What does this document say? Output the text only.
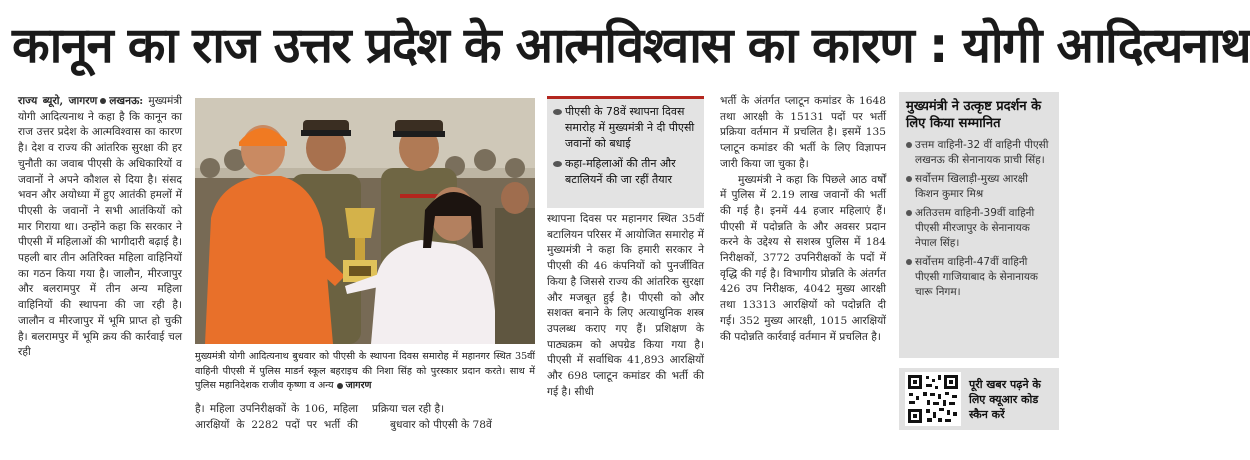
कानून का राज उत्तर प्रदेश के आत्मविश्वास का कारण : योगी आदित्यनाथ

राज्य ब्यूरो, जागरण लखनऊ: मुख्यमंत्री योगी आदित्यनाथ ने कहा है कि कानून का राज उत्तर प्रदेश के आत्मविश्वास का कारण है। देश व राज्य की आंतरिक सुरक्षा की हर चुनौती का जवाब पीएसी के अधिकारियों व जवानों ने अपने कौशल से दिया है। संसद भवन और अयोध्या में हुए आतंकी हमलों में पीएसी के जवानों ने सभी आतंकियों को मार गिराया था। उन्होंने कहा कि सरकार ने पीएसी में महिलाओं की भागीदारी बढ़ाई है। पहली बार तीन अतिरिक्त महिला वाहिनियों का गठन किया गया है। जालौन, मीरजापुर और बलरामपुर में तीन अन्य महिला वाहिनियों की स्थापना की जा रही है। जालौन व मीरजापुर में भूमि प्राप्त हो चुकी है। बलरामपुर में भूमि क्रय की कार्रवाई चल रही	मुख्यमंत्री योगी आदित्यनाथ बुधवार को पीएसी के स्थापना दिवस समारोह में महानगर स्थित 35वीं वाहिनी पीएसी में पुलिस माडर्न स्कूल बहराइच की निशा सिंह को पुरस्कार प्रदान करते। साथ में पुलिस महानिदेशक राजीव कृष्णा व अन्य जागरण

है। महिला उपनिरीक्षकों के 106, महिला आरक्षियों के 2282 पदों पर भर्ती की प्रक्रिया चल रही है।

बुधवार को पीएसी के 78वें

पीएसी के 78वें स्थापना दिवस समारोह में मुख्यमंत्री ने दी पीएसी जवानों को बधाई
कहा-महिलाओं की तीन और बटालियनें की जा रहीं तैयार

स्थापना दिवस पर महानगर स्थित 35वीं बटालियन परिसर में आयोजित समारोह में मुख्यमंत्री ने कहा कि हमारी सरकार ने पीएसी की 46 कंपनियों को पुनर्जीवित किया है जिससे राज्य की आंतरिक सुरक्षा और मजबूत हुई है। पीएसी को और सशक्त बनाने के लिए अत्याधुनिक शस्त्र उपलब्ध कराए गए हैं। प्रशिक्षण के पाठ्यक्रम को अपग्रेड किया गया है। पीएसी में सर्वाधिक 41,893 आरक्षियों और 698 प्लाटून कमांडर की भर्ती की गई है। सीधी

भर्ती के अंतर्गत प्लाटून कमांडर के 1648 तथा आरक्षी के 15131 पदों पर भर्ती प्रक्रिया वर्तमान में प्रचलित है। इसमें 135 प्लाटून कमांडर की भर्ती के लिए विज्ञापन जारी किया जा चुका है।

मुख्यमंत्री ने कहा कि पिछले आठ वर्षों में पुलिस में 2.19 लाख जवानों की भर्ती की गई है। इनमें 44 हजार महिलाएं हैं। पीएसी में पदोन्नति के और अवसर प्रदान करने के उद्देश्य से सशस्त्र पुलिस में 184 निरीक्षकों, 3772 उपनिरीक्षकों के पदों में वृद्धि की गई है। विभागीय प्रोन्नति के अंतर्गत 426 उप निरीक्षक, 4042 मुख्य आरक्षी तथा 13313 आरक्षियों को पदोन्नति दी गई। 352 मुख्य आरक्षी, 1015 आरक्षियों की पदोन्नति कार्रवाई वर्तमान में प्रचलित है।

मुख्यमंत्री ने उत्कृष्ट प्रदर्शन के लिए किया सम्मानित
उत्तम वाहिनी-32 वीं वाहिनी पीएसी लखनऊ की सेनानायक प्राची सिंह।
सर्वोत्तम खिलाड़ी-मुख्य आरक्षी किशन कुमार मिश्र
अतिउत्तम वाहिनी-39वीं वाहिनी पीएसी मीरजापुर के सेनानायक नेपाल सिंह।
सर्वोत्तम वाहिनी-47वीं वाहिनी पीएसी गाजियाबाद के सेनानायक चारू निगम।
पूरी खबर पढ़ने के लिए क्यूआर कोड स्कैन करें
